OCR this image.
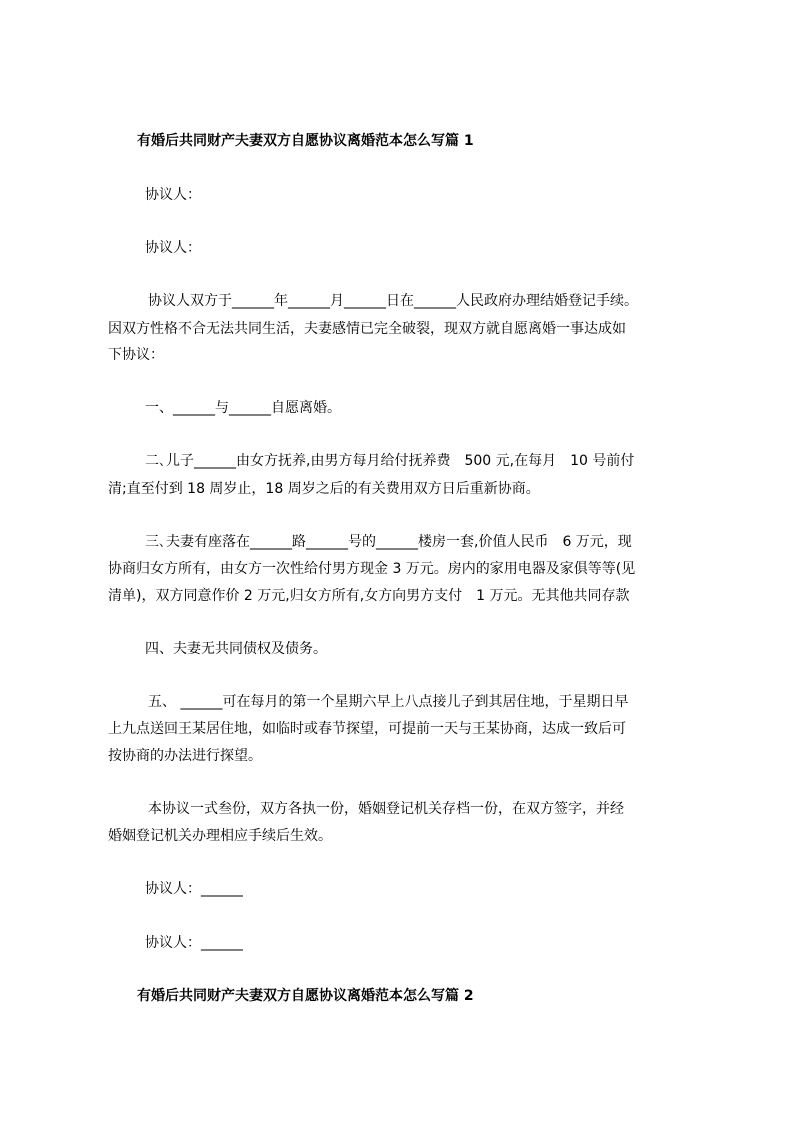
有婚后共同财产夫妻双方自愿协议离婚范本怎么写篇 1
协议人：
协议人：
协议人双方于______年______月______日在______人民政府办理结婚登记手续。
因双方性格不合无法共同生活，夫妻感情已完全破裂，现双方就自愿离婚一事达成如
下协议：
一、______与______自愿离婚。
二､儿子______由女方抚养,由男方每月给付抚养费　500 元,在每月　10 号前付
清;直至付到 18 周岁止，18 周岁之后的有关费用双方日后重新协商。
三､夫妻有座落在______路______号的______楼房一套,价值人民币　6 万元，现
协商归女方所有，由女方一次性给付男方现金 3 万元。房内的家用电器及家俱等等(见
清单)，双方同意作价 2 万元,归女方所有,女方向男方支付　1 万元。无其他共同存款
四、夫妻无共同债权及债务。
五、 ______可在每月的第一个星期六早上八点接儿子到其居住地，于星期日早
上九点送回王某居住地，如临时或春节探望，可提前一天与王某协商，达成一致后可
按协商的办法进行探望。
本协议一式叁份，双方各执一份，婚姻登记机关存档一份，在双方签字，并经
婚姻登记机关办理相应手续后生效。
协议人：______
协议人：______
有婚后共同财产夫妻双方自愿协议离婚范本怎么写篇 2
